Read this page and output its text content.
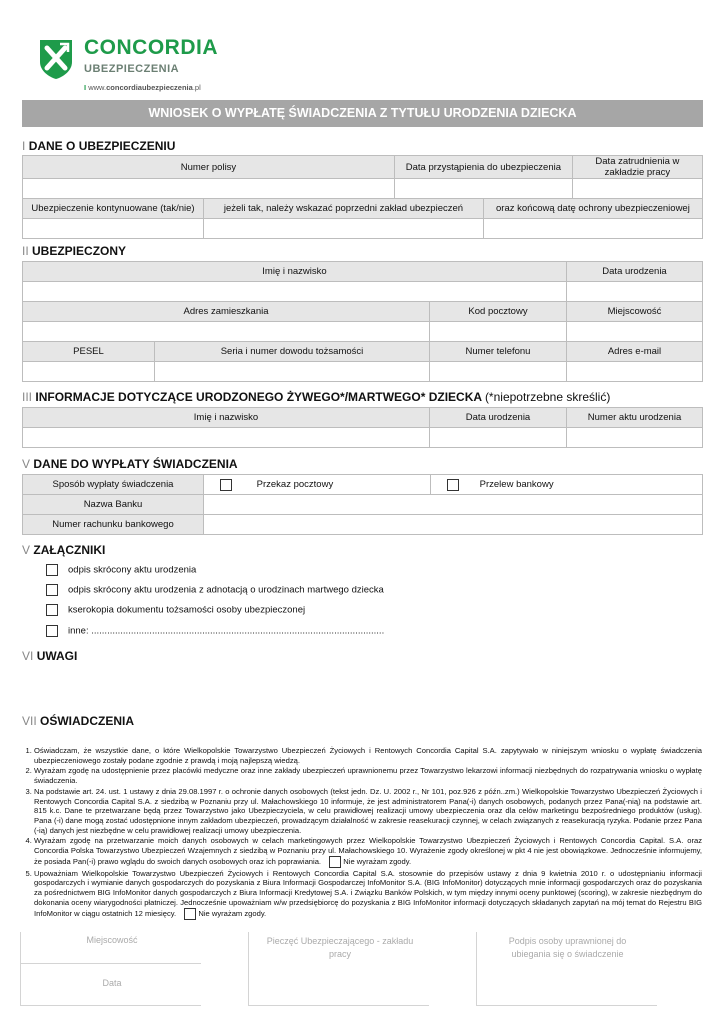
CONCORDIA
UBEZPIECZENIA
I www.concordiaubezpieczenia.pl
WNIOSEK O WYPŁATĘ ŚWIADCZENIA Z TYTUŁU URODZENIA DZIECKA
I DANE O UBEZPIECZENIU
Numer polisy		Data przystąpienia do ubezpieczenia		Data zatrudnienia w zakładzie pracy

Ubezpieczenie kontynuowane (tak/nie)	jeżeli tak, należy wskazać poprzedni zakład ubezpieczeń		oraz końcową datę ochrony ubezpieczeniowej	

II UBEZPIECZONY
Imię i nazwisko			Data urodzenia

Adres zamieszkania		Kod pocztowy	Miejscowość

PESEL	Seria i numer dowodu tożsamości	Numer telefonu	Adres e-mail

III INFORMACJE DOTYCZĄCE URODZONEGO ŻYWEGO*/MARTWEGO* DZIECKA (*niepotrzebne skreślić)
Imię i nazwisko	Data urodzenia	Numer aktu urodzenia

V DANE DO WYPŁATY ŚWIADCZENIA
Sposób wypłaty świadczenia	Przekaz pocztowy	Przelew bankowy
Nazwa Banku		
Numer rachunku bankowego		
V ZAŁĄCZNIKI
odpis skrócony aktu urodzenia
odpis skrócony aktu urodzenia z adnotacją o urodzinach martwego dziecka
kserokopia dokumentu tożsamości osoby ubezpieczonej
inne: ...............................................................................................................
VI UWAGI
VII OŚWIADCZENIA
1. Oświadczam, że wszystkie dane, o które Wielkopolskie Towarzystwo Ubezpieczeń Życiowych i Rentowych Concordia Capital S.A. zapytywało w niniejszym wniosku o wypłatę świadczenia ubezpieczeniowego zostały podane zgodnie z prawdą i moją najlepszą wiedzą.
2. Wyrażam zgodę na udostępnienie przez placówki medyczne oraz inne zakłady ubezpieczeń uprawnionemu przez Towarzystwo lekarzowi informacji niezbędnych do rozpatrywania wniosku o wypłatę świadczenia.
3. Na podstawie art. 24. ust. 1 ustawy z dnia 29.08.1997 r. o ochronie danych osobowych (tekst jedn. Dz. U. 2002 r., Nr 101, poz.926 z późn..zm.) Wielkopolskie Towarzystwo Ubezpieczeń Życiowych i Rentowych Concordia Capital S.A. z siedzibą w Poznaniu przy ul. Małachowskiego 10 informuje, że jest administratorem Pana(-i) danych osobowych, podanych przez Pana(-nią) na podstawie art. 815 k.c. Dane te przetwarzane będą przez Towarzystwo jako Ubezpieczyciela, w celu prawidłowej realizacji umowy ubezpieczenia oraz dla celów marketingu bezpośredniego produktów (usług). Pana (-i) dane mogą zostać udostępnione innym zakładom ubezpieczeń, prowadzącym działalność w zakresie reasekuracji czynnej, w celach związanych z reasekuracją ryzyka. Podanie przez Pana (-ią) danych jest niezbędne w celu prawidłowej realizacji umowy ubezpieczenia.
4. Wyrażam zgodę na przetwarzanie moich danych osobowych w celach marketingowych przez Wielkopolskie Towarzystwo Ubezpieczeń Życiowych i Rentowych Concordia Capital. S.A. oraz Concordia Polska Towarzystwo Ubezpieczeń Wzajemnych z siedzibą w Poznaniu przy ul. Małachowskiego 10. Wyrażenie zgody określonej w pkt 4 nie jest obowiązkowe. Jednocześnie informujemy, że posiada Pan(-i) prawo wglądu do swoich danych osobowych oraz ich poprawiania.	Nie wyrażam zgody.
5. Upoważniam Wielkopolskie Towarzystwo Ubezpieczeń Życiowych i Rentowych Concordia Capital S.A. stosownie do przepisów ustawy z dnia 9 kwietnia 2010 r. o udostępnianiu informacji gospodarczych i wymianie danych gospodarczych do pozyskania z Biura Informacji Gospodarczej InfoMonitor S.A. (BIG InfoMonitor) dotyczących mnie informacji gospodarczych oraz do pozyskania za pośrednictwem BIG InfoMonitor danych gospodarczych z Biura Informacji Kredytowej S.A. i Związku Banków Polskich, w tym między innymi oceny punktowej (scoring), w zakresie niezbędnym do dokonania oceny wiarygodności płatniczej. Jednocześnie upoważniam w/w przedsiębiorcę do pozyskania z BIG InfoMonitor informacji dotyczących składanych zapytań na mój temat do Rejestru BIG InfoMonitor w ciągu ostatnich 12 miesięcy.	Nie wyrażam zgody.
Miejscowość
Data
Pieczęć Ubezpieczającego - zakładu pracy
Podpis osoby uprawnionej do ubiegania się o świadczenie
